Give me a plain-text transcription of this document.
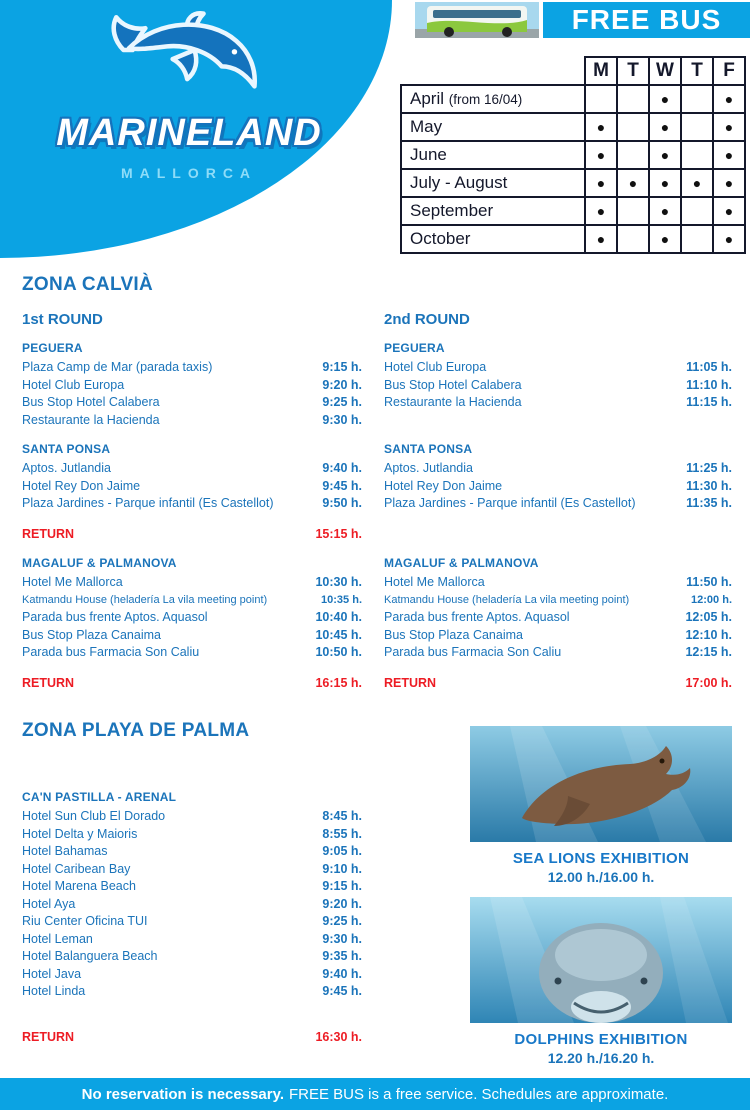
MARINELAND
MALLORCA
FREE BUS
	M	T	W	T	F
April (from 16/04)			●		●
May	●		●		●
June	●		●		●
July - August	●	●	●	●	●
September	●		●		●
October	●		●		●
ZONA CALVIÀ
1st ROUND
PEGUERA
Plaza Camp de Mar (parada taxis)	9:15 h.
Hotel Club Europa	9:20 h.
Bus Stop Hotel Calabera	9:25 h.
Restaurante la Hacienda	9:30 h.
SANTA PONSA
Aptos. Jutlandia	9:40 h.
Hotel Rey Don Jaime	9:45 h.
Plaza Jardines - Parque infantil (Es Castellot)	9:50 h.
RETURN	15:15 h.
MAGALUF & PALMANOVA
Hotel Me Mallorca	10:30 h.
Katmandu House (heladería La vila meeting point)	10:35 h.
Parada bus frente Aptos. Aquasol	10:40 h.
Bus Stop Plaza Canaima	10:45 h.
Parada bus Farmacia Son Caliu	10:50 h.
RETURN	16:15 h.
2nd ROUND
PEGUERA
Hotel Club Europa	11:05 h.
Bus Stop Hotel Calabera	11:10 h.
Restaurante la Hacienda	11:15 h.
SANTA PONSA
Aptos. Jutlandia	11:25 h.
Hotel Rey Don Jaime	11:30 h.
Plaza Jardines - Parque infantil (Es Castellot)	11:35 h.
MAGALUF & PALMANOVA
Hotel Me Mallorca	11:50 h.
Katmandu House (heladería La vila meeting point)	12:00 h.
Parada bus frente Aptos. Aquasol	12:05 h.
Bus Stop Plaza Canaima	12:10 h.
Parada bus Farmacia Son Caliu	12:15 h.
RETURN	17:00 h.
ZONA PLAYA DE PALMA
CA'N PASTILLA - ARENAL
Hotel Sun Club El Dorado	8:45 h.
Hotel Delta y Maioris	8:55 h.
Hotel Bahamas	9:05 h.
Hotel Caribean Bay	9:10 h.
Hotel Marena Beach	9:15 h.
Hotel Aya	9:20 h.
Riu Center Oficina TUI	9:25 h.
Hotel Leman	9:30 h.
Hotel Balanguera Beach	9:35 h.
Hotel Java	9:40 h.
Hotel Linda	9:45 h.
RETURN	16:30 h.
SEA LIONS EXHIBITION
12.00 h./16.00 h.
DOLPHINS EXHIBITION
12.20 h./16.20 h.
No reservation is necessary. FREE BUS is a free service. Schedules are approximate.
